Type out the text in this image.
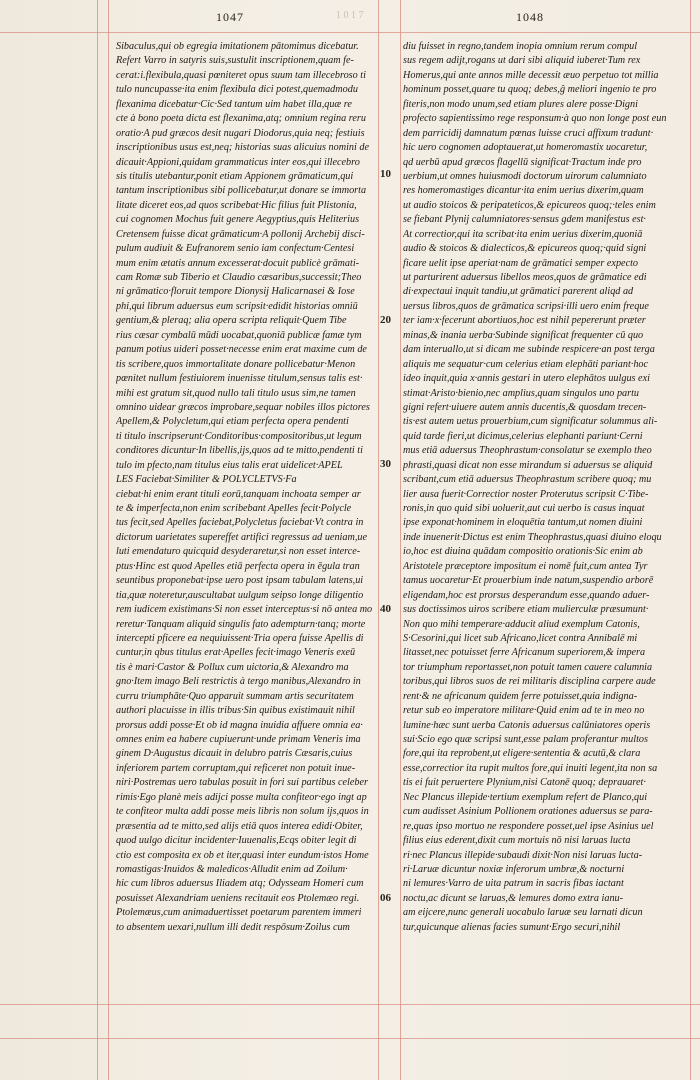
1047	1 0 1 7	1048
10
20
30
40
06
Sibaculus,qui ob egregia imitationem pātomimus dicebatur.
Refert Varro in satyris suis,sustulit inscriptionem,quam fe-
cerat:i.flexibula,quasi pœniteret opus suum tam illecebroso ti
tulo nuncupasse·ita enim flexibula dici potest,quemadmodu
flexanima dicebatur·Cic·Sed tantum uim habet illa,quæ re
cte à bono poeta dicta est flexanima,atq; omnium regina reru
oratio·A pud græcos desit nugari Diodorus,quia neq; festiuis
inscriptionibus usus est,neq; historias suas alicuius nomini de
dicauit·Appioni,quidam grammaticus inter eos,qui illecebro
sis titulis utebantur,ponit etiam Appionem grāmaticum,qui
tantum inscriptionibus sibi pollicebatur,ut donare se immorta
litate diceret eos,ad quos scribebat·Hic filius fuit Plistonia,
cui cognomen Mochus fuit genere Aegyptius,quis Heliterius
Cretensem fuisse dicat grāmaticum·A pollonij Archebij disci-
pulum audiuit & Eufranorem senio iam confectum·Centesi
mum enim ætatis annum excesserat·docuit publicè grāmati-
cam Romæ sub Tiberio et Claudio cæsaribus,successit;Theo
ni grāmatico·floruit tempore Dionysij Halicarnasei & Iose
phi,qui librum aduersus eum scripsit·edidit historias omniū
gentium,& pleraq; alia opera scripta reliquit·Quem Tibe
rius cæsar cymbalū mūdi uocabat,quoniā publicæ famæ tym
panum potius uideri posset·necesse enim erat maxime cum de
tis scribere,quos immortalitate donare pollicebatur·Menon
pœnitet nullum festiuiorem inuenisse titulum,sensus talis est·
mihi est gratum sit,quod nullo tali titulo usus sim,ne tamen
omnino uidear græcos improbare,sequar nobiles illos pictores
Apellem,& Polycletum,qui etiam perfecta opera pendenti
ti titulo inscripserunt·Conditoribus·compositoribus,ut legum
conditores dicuntur·In libellis,ijs,quos ad te mitto,pendenti ti
tulo im pfecto,nam titulus eius talis erat uidelicet·APEL
LES Faciebat·Similiter & POLYCLETVS·Fa
ciebat·hi enim erant tituli eorū,tanquam inchoata semper ar
te & imperfecta,non enim scribebant Apelles fecit·Polycle
tus fecit,sed Apelles faciebat,Polycletus faciebat·Vt contra in
dictorum uarietates supereffet artifici regressus ad ueniam,ue
luti emendaturo quicquid desyderaretur,si non esset interce-
ptus·Hinc est quod Apelles etiā perfecta opera in ēgula tran
seuntibus proponebat·ipse uero post ipsam tabulam latens,ui
tia,quæ noteretur,auscultabat uulgum seipso longe diligentio
rem iudicem existimans·Si non esset interceptus·si nō antea mo
reretur·Tanquam aliquid singulis fato adempturn·tanq; morte
intercepti pficere ea nequiuissent·Tria opera fuisse Apellis di
cuntur,in qbus titulus erat·Apelles fecit·imago Veneris exeū
tis è mari·Castor & Pollux cum uictoria,& Alexandro ma
gno·Item imago Beli restrictis à tergo manibus,Alexandro in
curru triumphāte·Quo apparuit summam artis securitatem
authori placuisse in illis tribus·Sin quibus existimauit nihil
prorsus addi posse·Et ob id magna inuidia affuere omnia ea·
omnes enim ea habere cupiuerunt·unde primam Veneris ima
ginem D·Augustus dicauit in delubro patris Cæsaris,cuius
inferiorem partem corruptam,qui reficeret non potuit inue-
niri·Postremas uero tabulas posuit in fori sui partibus celeber
rimis·Ego planè meis adijci posse multa confiteor·ego ingt ap
te confiteor multa addi posse meis libris non solum ijs,quos in
præsentia ad te mitto,sed alijs etiā quos interea edidi·Obiter,
quod uulgo dicitur incidenter·Iuuenalis,Ecqs obiter legit di
ctio est composita ex ob et iter,quasi inter eundum·istos Home
romastigas·Inuidos & maledicos·Alludit enim ad Zoilum·
hic cum libros aduersus Iliadem atq; Odysseam Homeri cum
posuisset Alexandriam ueniens recitauit eos Ptolemæo regi.
Ptolemæus,cum animaduertisset poetarum parentem immeri
to absentem uexari,nullum illi dedit respōsum·Zoilus cum
diu fuisset in regno,tandem inopia omnium rerum compul
sus regem adijt,rogans ut dari sibi aliquid iuberet·Tum rex
Homerus,qui ante annos mille decessit æuo perpetuo tot millia
hominum posset,quare tu quoq; debes,ĝ meliori ingenio te pro
fiteris,non modo unum,sed etiam plures alere posse·Digni
profecto sapientissimo rege responsum·à quo non longe post eun
dem parricidij damnatum pœnas luisse cruci affixum tradunt·
hic uero cognomen adoptauerat,ut homeromastix uocaretur,
qd uerbū apud græcos flagellū significat·Tractum inde pro
uerbium,ut omnes huiusmodi doctorum uirorum calumniato
res homeromastiges dicantur·ita enim uerius dixerim,quam
ut audio stoicos & peripateticos,& epicureos quoq;·teles enim
se fiebant Plynij calumniatores·sensus gdem manifestus est·
At correctior,qui ita scribat·ita enim uerius dixerim,quoniā
audio & stoicos & dialecticos,& epicureos quoq;·quid signi
ficare uelit ipse aperiat·nam de grāmatici semper expecto
ut parturirent aduersus libellos meos,quos de grāmatice edi
di·expectaui inquit tandiu,ut grāmatici parerent aliqd ad
uersus libros,quos de grāmatica scripsi·illi uero enim freque
ter iam·x·fecerunt abortiuos,hoc est nihil pepererunt præter
minas,& inania uerba·Subinde significat frequenter cū quo
dam interuallo,ut si dicam me subinde respicere·an post terga
aliquis me sequatur·cum celerius etiam elephāti pariant·hoc
ideo inquit,quia x·annis gestari in utero elephātos uulgus exi
stimat·Aristo·bienio,nec amplius,quam singulos uno partu
gigni refert·uiuere autem annis ducentis,& quosdam trecen-
tis·est autem uetus prouerbium,cum significatur solummus ali-
quid tarde fieri,ut dicimus,celerius elephanti pariunt·Cerni
mus etiā aduersus Theophrastum·consolatur se exemplo theo
phrasti,quasi dicat non esse mirandum si aduersus se aliquid
scribant,cum etiā aduersus Theophrastum scribere quoq; mu
lier ausa fuerit·Correctior noster Proterutus scripsit C·Tibe-
ronis,in quo quid sibi uoluerit,aut cui uerbo is casus inquat
ipse exponat·hominem in eloquētia tantum,ut nomen diuini
inde inuenerit·Dictus est enim Theophrastus,quasi diuino eloqu
io,hoc est diuina quādam compositio orationis·Sic enim ab
Aristotele præceptore impositum ei nomē fuit,cum antea Tyr
tamus uocaretur·Et prouerbium inde natum,suspendio arborē
eligendam,hoc est prorsus desperandum esse,quando aduer-
sus doctissimos uiros scribere etiam mulierculæ præsumunt·
Non quo mihi temperare·adducit aliud exemplum Catonis,
S·Cesorini,qui licet sub Africano,licet contra Annibalē mi
litasset,nec potuisset ferre Africanum superiorem,& impera
tor triumphum reportasset,non potuit tamen cauere calumnia
toribus,qui libros suos de rei militaris disciplina carpere aude
rent·& ne africanum quidem ferre potuisset,quia indigna-
retur sub eo imperatore militare·Quid enim ad te in meo no
lumine·hæc sunt uerba Catonis aduersus calūniatores operis
sui·Scio ego quæ scripsi sunt,esse palam proferantur multos
fore,qui ita reprobent,ut eligere·sententia & acutū,& clara
esse,correctior ita rupit multos fore,qui inuiti legent,ita non sa
tis ei fuit peruertere Plynium,nisi Catonē quoq; deprauaret·
Nec Plancus illepide·tertium exemplum refert de Planco,qui
cum audisset Asinium Pollionem orationes aduersus se para-
re,quas ipso mortuo ne respondere posset,uel ipse Asinius uel
filius eius ederent,dixit cum mortuis nō nisi laruas lucta
ri·nec Plancus illepide·subaudi dixit·Non nisi laruas lucta-
ri·Laruæ dicuntur noxiæ inferorum umbræ,& nocturni
ni lemures·Varro de uita patrum in sacris fibas iactant
noctu,ac dicunt se laruas,& lemures domo extra ianu-
am eijcere,nunc generali uocabulo laruæ seu larnati dicun
tur,quicunque alienas facies sumunt·Ergo securi,nihil
